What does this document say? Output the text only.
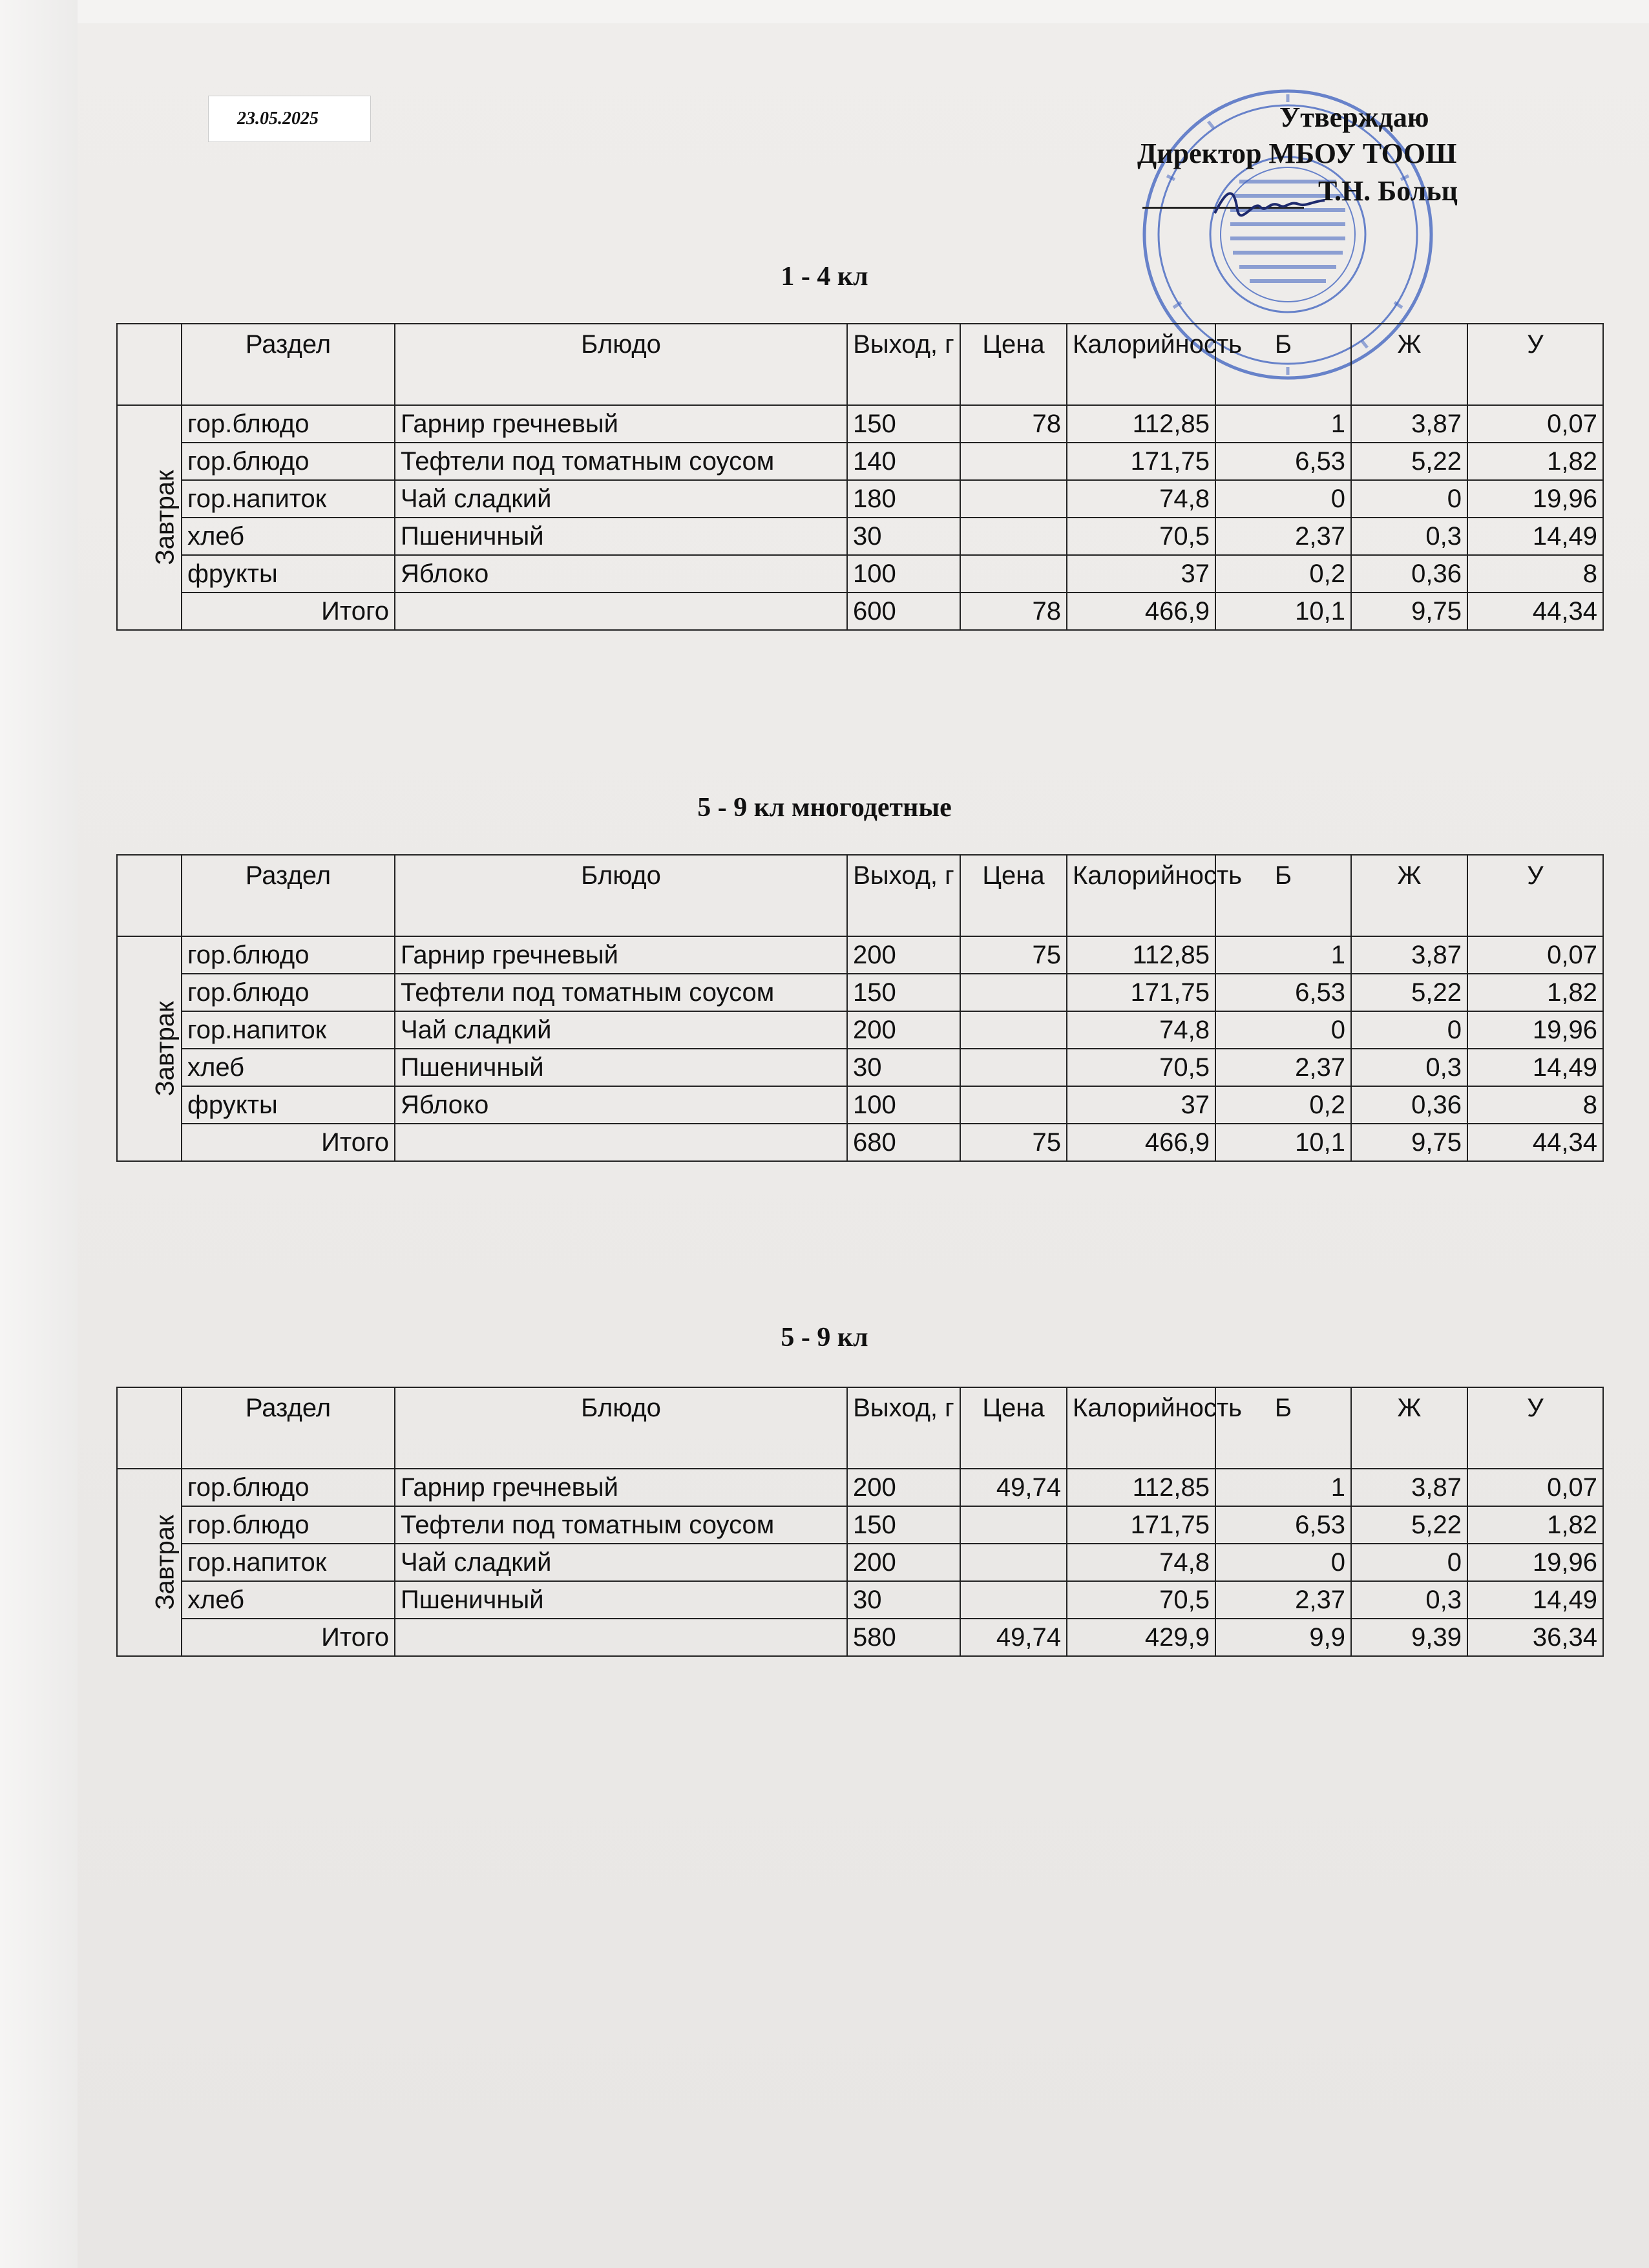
23.05.2025	Утверждаю
Директор МБОУ ТООШ
Т.Н. Больц
1 - 4 кл
	Раздел	Блюдо	Выход, г	Цена	Калорийность	Б	Ж	У
Завтрак	гор.блюдо	Гарнир гречневый	150	78	112,85	1	3,87	0,07
	гор.блюдо	Тефтели под томатным соусом	140		171,75	6,53	5,22	1,82
	гор.напиток	Чай сладкий	180		74,8	0	0	19,96
	хлеб	Пшеничный	30		70,5	2,37	0,3	14,49
	фрукты	Яблоко	100		37	0,2	0,36	8
	Итого		600	78	466,9	10,1	9,75	44,34
5 - 9 кл многодетные
	Раздел	Блюдо	Выход, г	Цена	Калорийность	Б	Ж	У
Завтрак	гор.блюдо	Гарнир гречневый	200	75	112,85	1	3,87	0,07
	гор.блюдо	Тефтели под томатным соусом	150		171,75	6,53	5,22	1,82
	гор.напиток	Чай сладкий	200		74,8	0	0	19,96
	хлеб	Пшеничный	30		70,5	2,37	0,3	14,49
	фрукты	Яблоко	100		37	0,2	0,36	8
	Итого		680	75	466,9	10,1	9,75	44,34
5 - 9 кл
	Раздел	Блюдо	Выход, г	Цена	Калорийность	Б	Ж	У
Завтрак	гор.блюдо	Гарнир гречневый	200	49,74	112,85	1	3,87	0,07
	гор.блюдо	Тефтели под томатным соусом	150		171,75	6,53	5,22	1,82
	гор.напиток	Чай сладкий	200		74,8	0	0	19,96
	хлеб	Пшеничный	30		70,5	2,37	0,3	14,49
	Итого		580	49,74	429,9	9,9	9,39	36,34
